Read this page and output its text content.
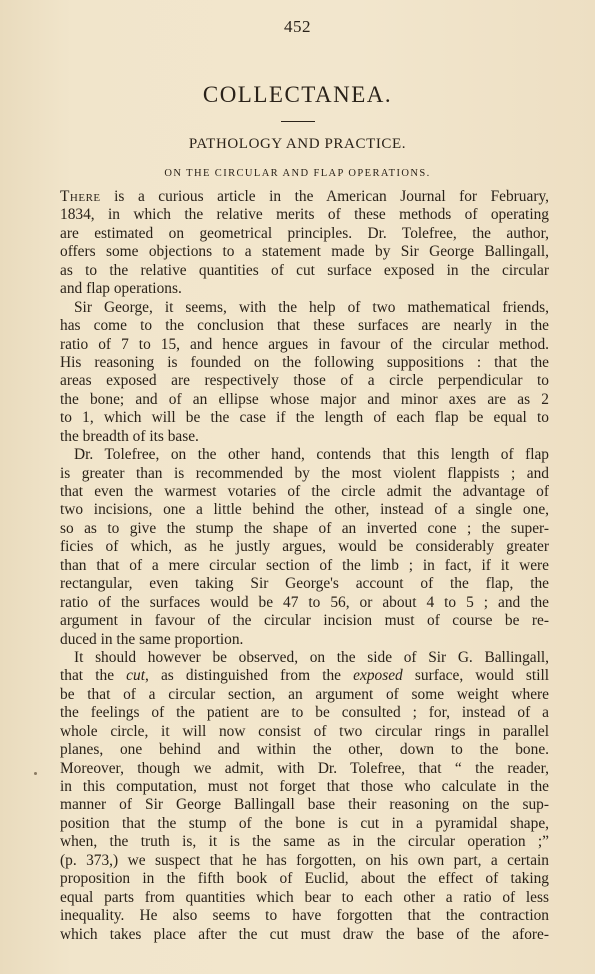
452
COLLECTANEA.
PATHOLOGY AND PRACTICE.
ON THE CIRCULAR AND FLAP OPERATIONS.
There is a curious article in the American Journal for February,
1834, in which the relative merits of these methods of operating
are estimated on geometrical principles. Dr. Tolefree, the author,
offers some objections to a statement made by Sir George Ballingall,
as to the relative quantities of cut surface exposed in the circular
and flap operations.
Sir George, it seems, with the help of two mathematical friends,
has come to the conclusion that these surfaces are nearly in the
ratio of 7 to 15, and hence argues in favour of the circular method.
His reasoning is founded on the following suppositions : that the
areas exposed are respectively those of a circle perpendicular to
the bone; and of an ellipse whose major and minor axes are as 2
to 1, which will be the case if the length of each flap be equal to
the breadth of its base.
Dr. Tolefree, on the other hand, contends that this length of flap
is greater than is recommended by the most violent flappists ; and
that even the warmest votaries of the circle admit the advantage of
two incisions, one a little behind the other, instead of a single one,
so as to give the stump the shape of an inverted cone ; the super-
ficies of which, as he justly argues, would be considerably greater
than that of a mere circular section of the limb ; in fact, if it were
rectangular, even taking Sir George's account of the flap, the
ratio of the surfaces would be 47 to 56, or about 4 to 5 ; and the
argument in favour of the circular incision must of course be re-
duced in the same proportion.
It should however be observed, on the side of Sir G. Ballingall,
that the cut, as distinguished from the exposed surface, would still
be that of a circular section, an argument of some weight where
the feelings of the patient are to be consulted ; for, instead of a
whole circle, it will now consist of two circular rings in parallel
planes, one behind and within the other, down to the bone.
Moreover, though we admit, with Dr. Tolefree, that “ the reader,
in this computation, must not forget that those who calculate in the
manner of Sir George Ballingall base their reasoning on the sup-
position that the stump of the bone is cut in a pyramidal shape,
when, the truth is, it is the same as in the circular operation ;”
(p. 373,) we suspect that he has forgotten, on his own part, a certain
proposition in the fifth book of Euclid, about the effect of taking
equal parts from quantities which bear to each other a ratio of less
inequality. He also seems to have forgotten that the contraction
which takes place after the cut must draw the base of the afore-
